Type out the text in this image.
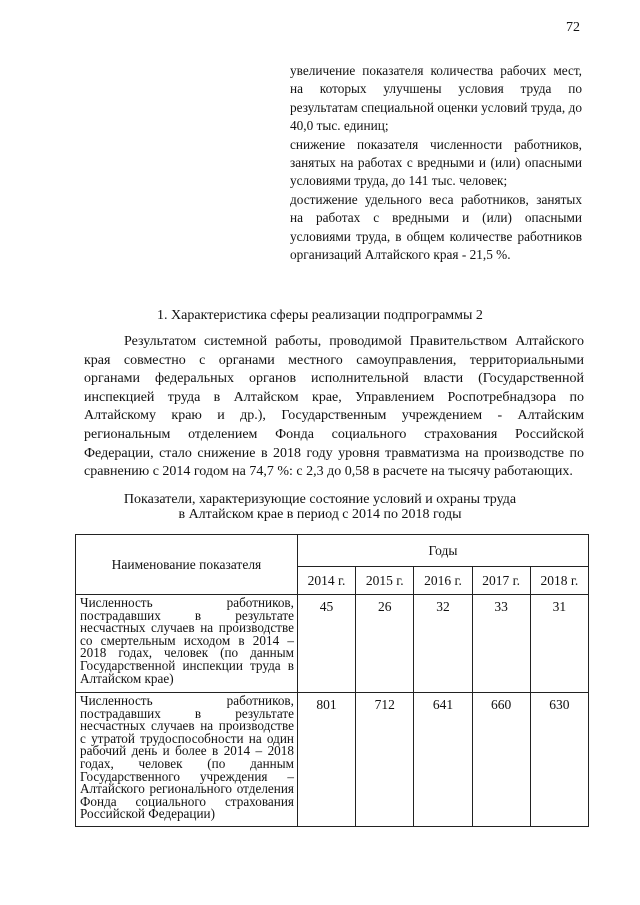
72

увеличение показателя количества рабочих мест, на которых улучшены условия труда по результатам специальной оценки условий труда, до 40,0 тыс. единиц;

снижение показателя численности работников, занятых на работах с вредными и (или) опасными условиями труда, до 141 тыс. человек;

достижение удельного веса работников, занятых на работах с вредными и (или) опасными условиями труда, в общем количестве работников организаций Алтайского края - 21,5 %.

1. Характеристика сферы реализации подпрограммы 2

Результатом системной работы, проводимой Правительством Алтайского края совместно с органами местного самоуправления, территориальными органами федеральных органов исполнительной власти (Государственной инспекцией труда в Алтайском крае, Управлением Роспотребнадзора по Алтайскому краю и др.), Государственным учреждением - Алтайским региональным отделением Фонда социального страхования Российской Федерации, стало снижение в 2018 году уровня травматизма на производстве по сравнению с 2014 годом на 74,7 %: с 2,3 до 0,58 в расчете на тысячу работающих.

Показатели, характеризующие состояние условий и охраны труда
в Алтайском крае в период с 2014 по 2018 годы
Наименование показателя	Годы				
	2014 г.	2015 г.	2016 г.	2017 г.	2018 г.
Численность работников, пострадавших в результате несчастных случаев на производстве со смертельным исходом в 2014 – 2018 годах, человек (по данным Государственной инспекции труда в Алтайском крае)	45	26	32	33	31
Численность работников, пострадавших в результате несчастных случаев на производстве с утратой трудоспособности на один рабочий день и более в 2014 – 2018 годах, человек (по данным Государственного учреждения – Алтайского регионального отделения Фонда социального страхования Российской Федерации)	801	712	641	660	630
